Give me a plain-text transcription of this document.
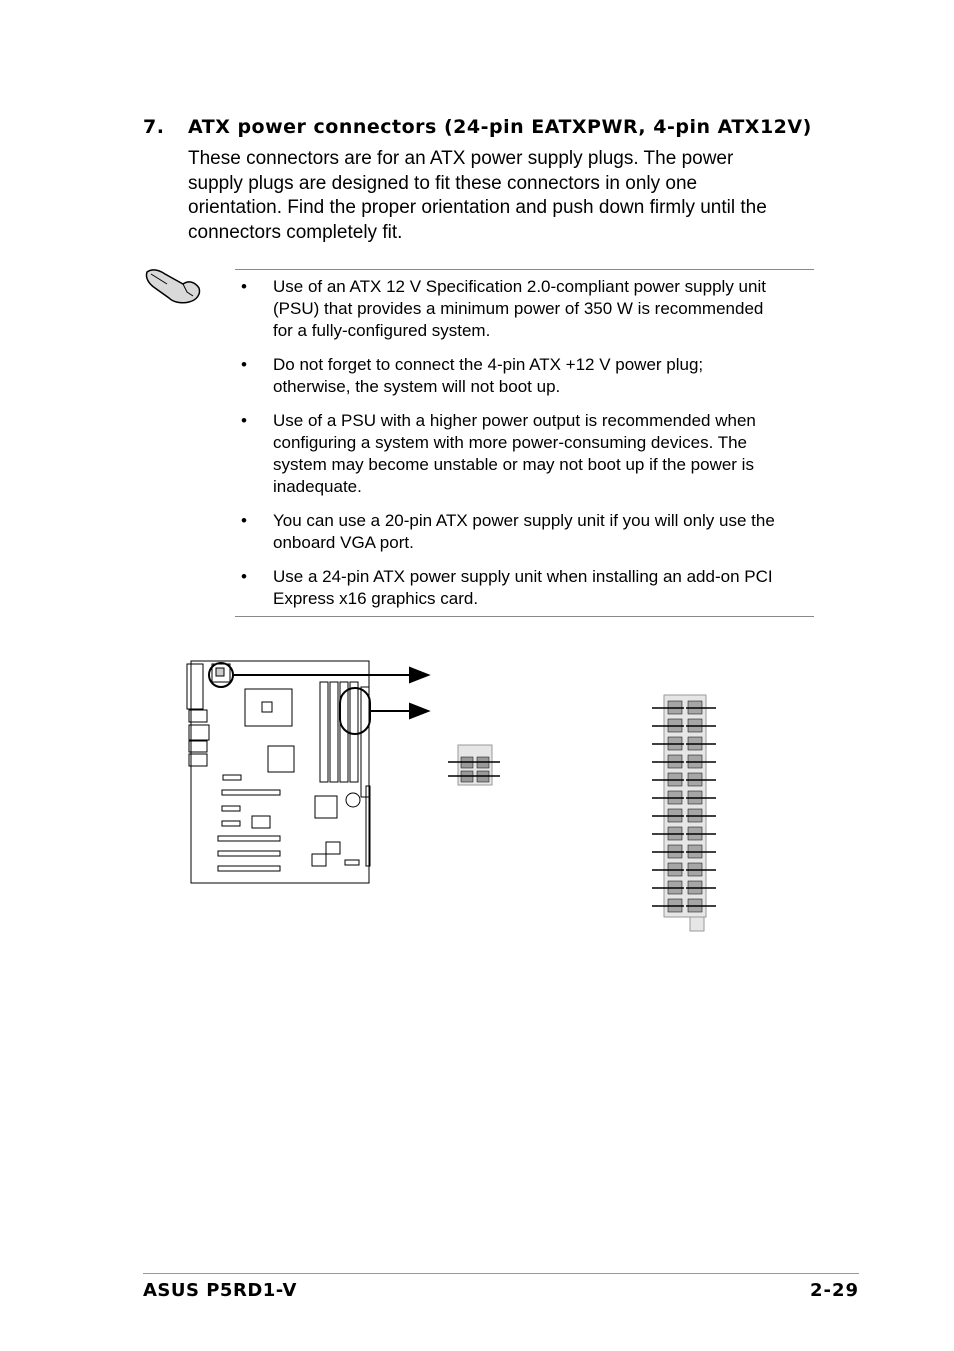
7. ATX power connectors (24-pin EATXPWR, 4-pin ATX12V)
These connectors are for an ATX power supply plugs. The power
supply plugs are designed to fit these connectors in only one
orientation. Find the proper orientation and push down firmly until the
connectors completely fit.
• Use of an ATX 12 V Specification 2.0-compliant power supply unit
(PSU) that provides a minimum power of 350 W is recommended
for a fully-configured system.
• Do not forget to connect the 4-pin ATX +12 V power plug;
otherwise, the system will not boot up.
• Use of a PSU with a higher power output is recommended when
configuring a system with more power-consuming devices. The
system may become unstable or may not boot up if the power is
inadequate.
• You can use a 20-pin ATX power supply unit if you will only use the
onboard VGA port.
• Use a 24-pin ATX power supply unit when installing an add-on PCI
Express x16 graphics card.
ASUS P5RD1-V	2-29
